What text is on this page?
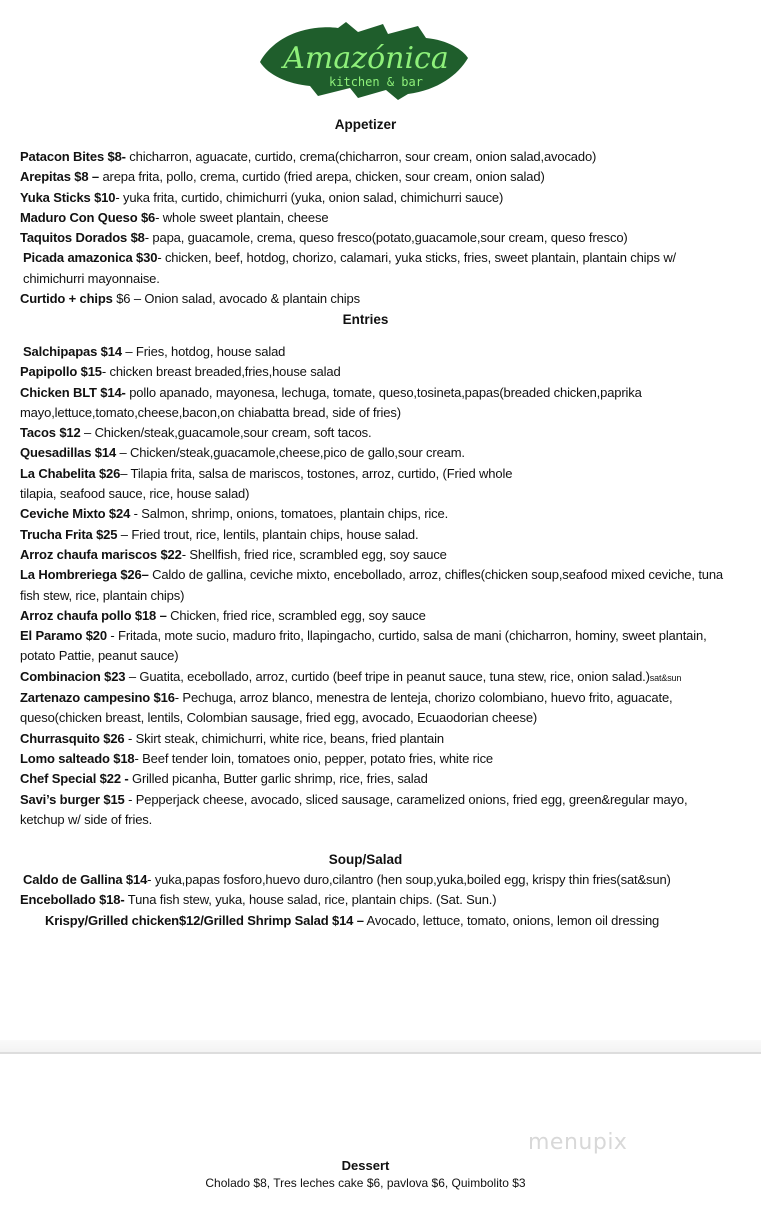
Amazónica
kitchen & bar
Appetizer
Patacon Bites $8- chicharron, aguacate, curtido, crema(chicharron, sour cream, onion salad,avocado)
Arepitas $8 – arepa frita, pollo, crema, curtido (fried arepa, chicken, sour cream, onion salad)
Yuka Sticks $10- yuka frita, curtido, chimichurri (yuka, onion salad, chimichurri sauce)
Maduro Con Queso $6- whole sweet plantain, cheese
Taquitos Dorados $8- papa, guacamole, crema, queso fresco(potato,guacamole,sour cream, queso fresco)
Picada amazonica $30- chicken, beef, hotdog, chorizo, calamari, yuka sticks, fries, sweet plantain, plantain chips w/ chimichurri mayonnaise.
Curtido + chips $6 – Onion salad, avocado & plantain chips
Entries
Salchipapas $14 – Fries, hotdog, house salad
Papipollo $15- chicken breast breaded,fries,house salad
Chicken BLT $14- pollo apanado, mayonesa, lechuga, tomate, queso,tosineta,papas(breaded chicken,paprika mayo,lettuce,tomato,cheese,bacon,on chiabatta bread, side of fries)
Tacos $12 – Chicken/steak,guacamole,sour cream, soft tacos.
Quesadillas $14 – Chicken/steak,guacamole,cheese,pico de gallo,sour cream.
La Chabelita $26– Tilapia frita, salsa de mariscos, tostones, arroz, curtido, (Fried whole
tilapia, seafood sauce, rice, house salad)
Ceviche Mixto $24 - Salmon, shrimp, onions, tomatoes, plantain chips, rice.
Trucha Frita $25 – Fried trout, rice, lentils, plantain chips, house salad.
Arroz chaufa mariscos $22- Shellfish, fried rice, scrambled egg, soy sauce
La Hombreriega $26– Caldo de gallina, ceviche mixto, encebollado, arroz, chifles(chicken soup,seafood mixed ceviche, tuna fish stew, rice, plantain chips)
Arroz chaufa pollo $18 – Chicken, fried rice, scrambled egg, soy sauce
El Paramo $20 - Fritada, mote sucio, maduro frito, llapingacho, curtido, salsa de mani (chicharron, hominy, sweet plantain, potato Pattie, peanut sauce)
Combinacion $23 – Guatita, ecebollado, arroz, curtido (beef tripe in peanut sauce, tuna stew, rice, onion salad.)sat&sun
Zartenazo campesino $16- Pechuga, arroz blanco, menestra de lenteja, chorizo colombiano, huevo frito, aguacate, queso(chicken breast, lentils, Colombian sausage, fried egg, avocado, Ecuaodorian cheese)
Churrasquito $26 - Skirt steak, chimichurri, white rice, beans, fried plantain
Lomo salteado $18- Beef tender loin, tomatoes onio, pepper, potato fries, white rice
Chef Special $22 - Grilled picanha, Butter garlic shrimp, rice, fries, salad
Savi’s burger $15 - Pepperjack cheese, avocado, sliced sausage, caramelized onions, fried egg, green&regular mayo, ketchup w/ side of fries.
Soup/Salad
Caldo de Gallina $14- yuka,papas fosforo,huevo duro,cilantro (hen soup,yuka,boiled egg, krispy thin fries(sat&sun)
Encebollado $18- Tuna fish stew, yuka, house salad, rice, plantain chips. (Sat. Sun.)
Krispy/Grilled chicken$12/Grilled Shrimp Salad $14 – Avocado, lettuce, tomato, onions, lemon oil dressing
menupix
Dessert
Cholado $8, Tres leches cake $6, pavlova $6, Quimbolito $3
